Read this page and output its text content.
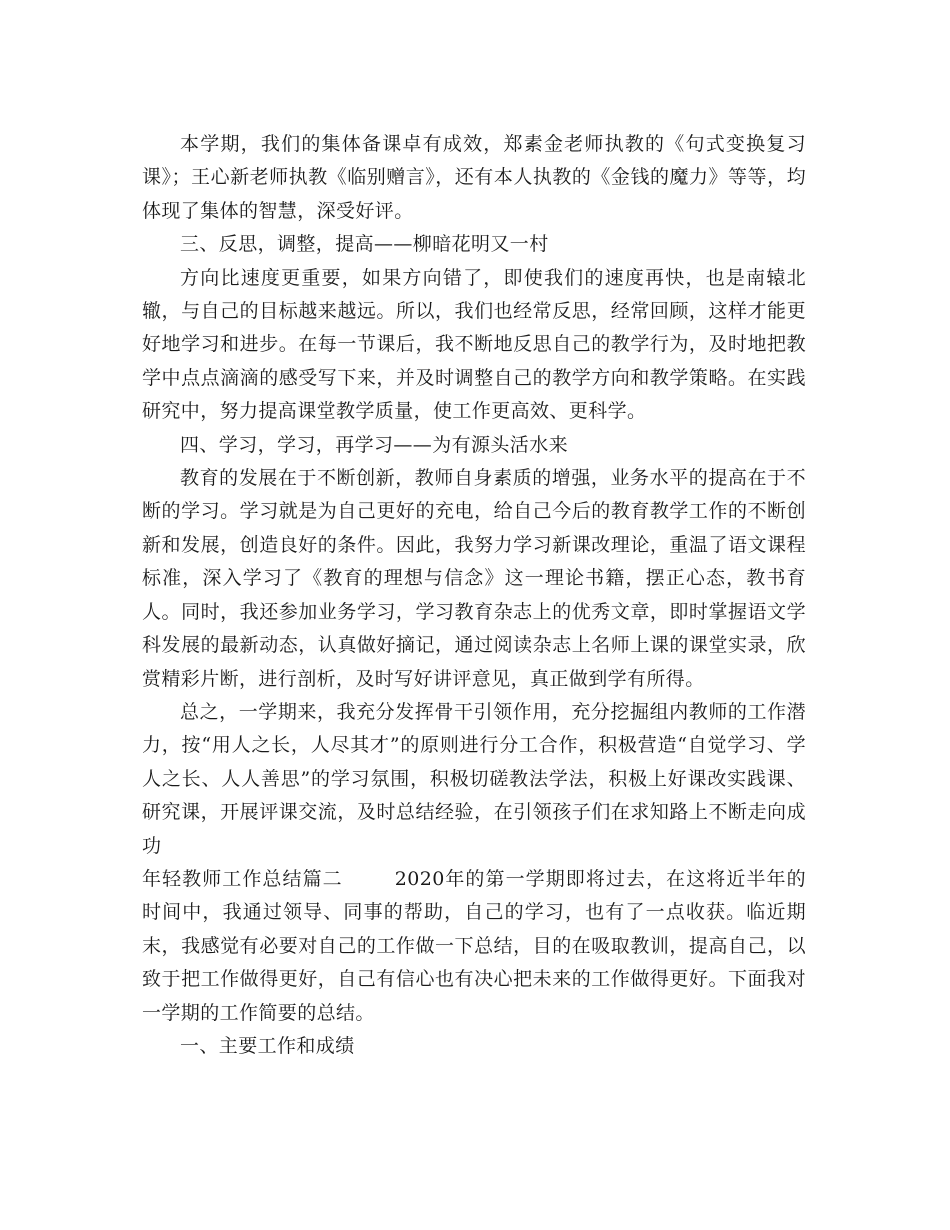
本学期，我们的集体备课卓有成效，郑素金老师执教的《句式变换复习课》；王心新老师执教《临别赠言》，还有本人执教的《金钱的魔力》等等，均体现了集体的智慧，深受好评。

三、反思，调整，提高——柳暗花明又一村

方向比速度更重要，如果方向错了，即使我们的速度再快，也是南辕北辙，与自己的目标越来越远。所以，我们也经常反思，经常回顾，这样才能更好地学习和进步。在每一节课后，我不断地反思自己的教学行为，及时地把教学中点点滴滴的感受写下来，并及时调整自己的教学方向和教学策略。在实践研究中，努力提高课堂教学质量，使工作更高效、更科学。

四、学习，学习，再学习——为有源头活水来

教育的发展在于不断创新，教师自身素质的增强，业务水平的提高在于不断的学习。学习就是为自己更好的充电，给自己今后的教育教学工作的不断创新和发展，创造良好的条件。因此，我努力学习新课改理论，重温了语文课程标准，深入学习了《教育的理想与信念》这一理论书籍，摆正心态，教书育人。同时，我还参加业务学习，学习教育杂志上的优秀文章，即时掌握语文学科发展的最新动态，认真做好摘记，通过阅读杂志上名师上课的课堂实录，欣赏精彩片断，进行剖析，及时写好讲评意见，真正做到学有所得。

总之，一学期来，我充分发挥骨干引领作用，充分挖掘组内教师的工作潜力，按“用人之长，人尽其才”的原则进行分工合作，积极营造“自觉学习、学人之长、人人善思”的学习氛围，积极切磋教法学法，积极上好课改实践课、研究课，开展评课交流，及时总结经验，在引领孩子们在求知路上不断走向成功

年轻教师工作总结篇二	2020年的第一学期即将过去，在这将近半年的时间中，我通过领导、同事的帮助，自己的学习，也有了一点收获。临近期末，我感觉有必要对自己的工作做一下总结，目的在吸取教训，提高自己，以致于把工作做得更好，自己有信心也有决心把未来的工作做得更好。下面我对一学期的工作简要的总结。

一、主要工作和成绩
